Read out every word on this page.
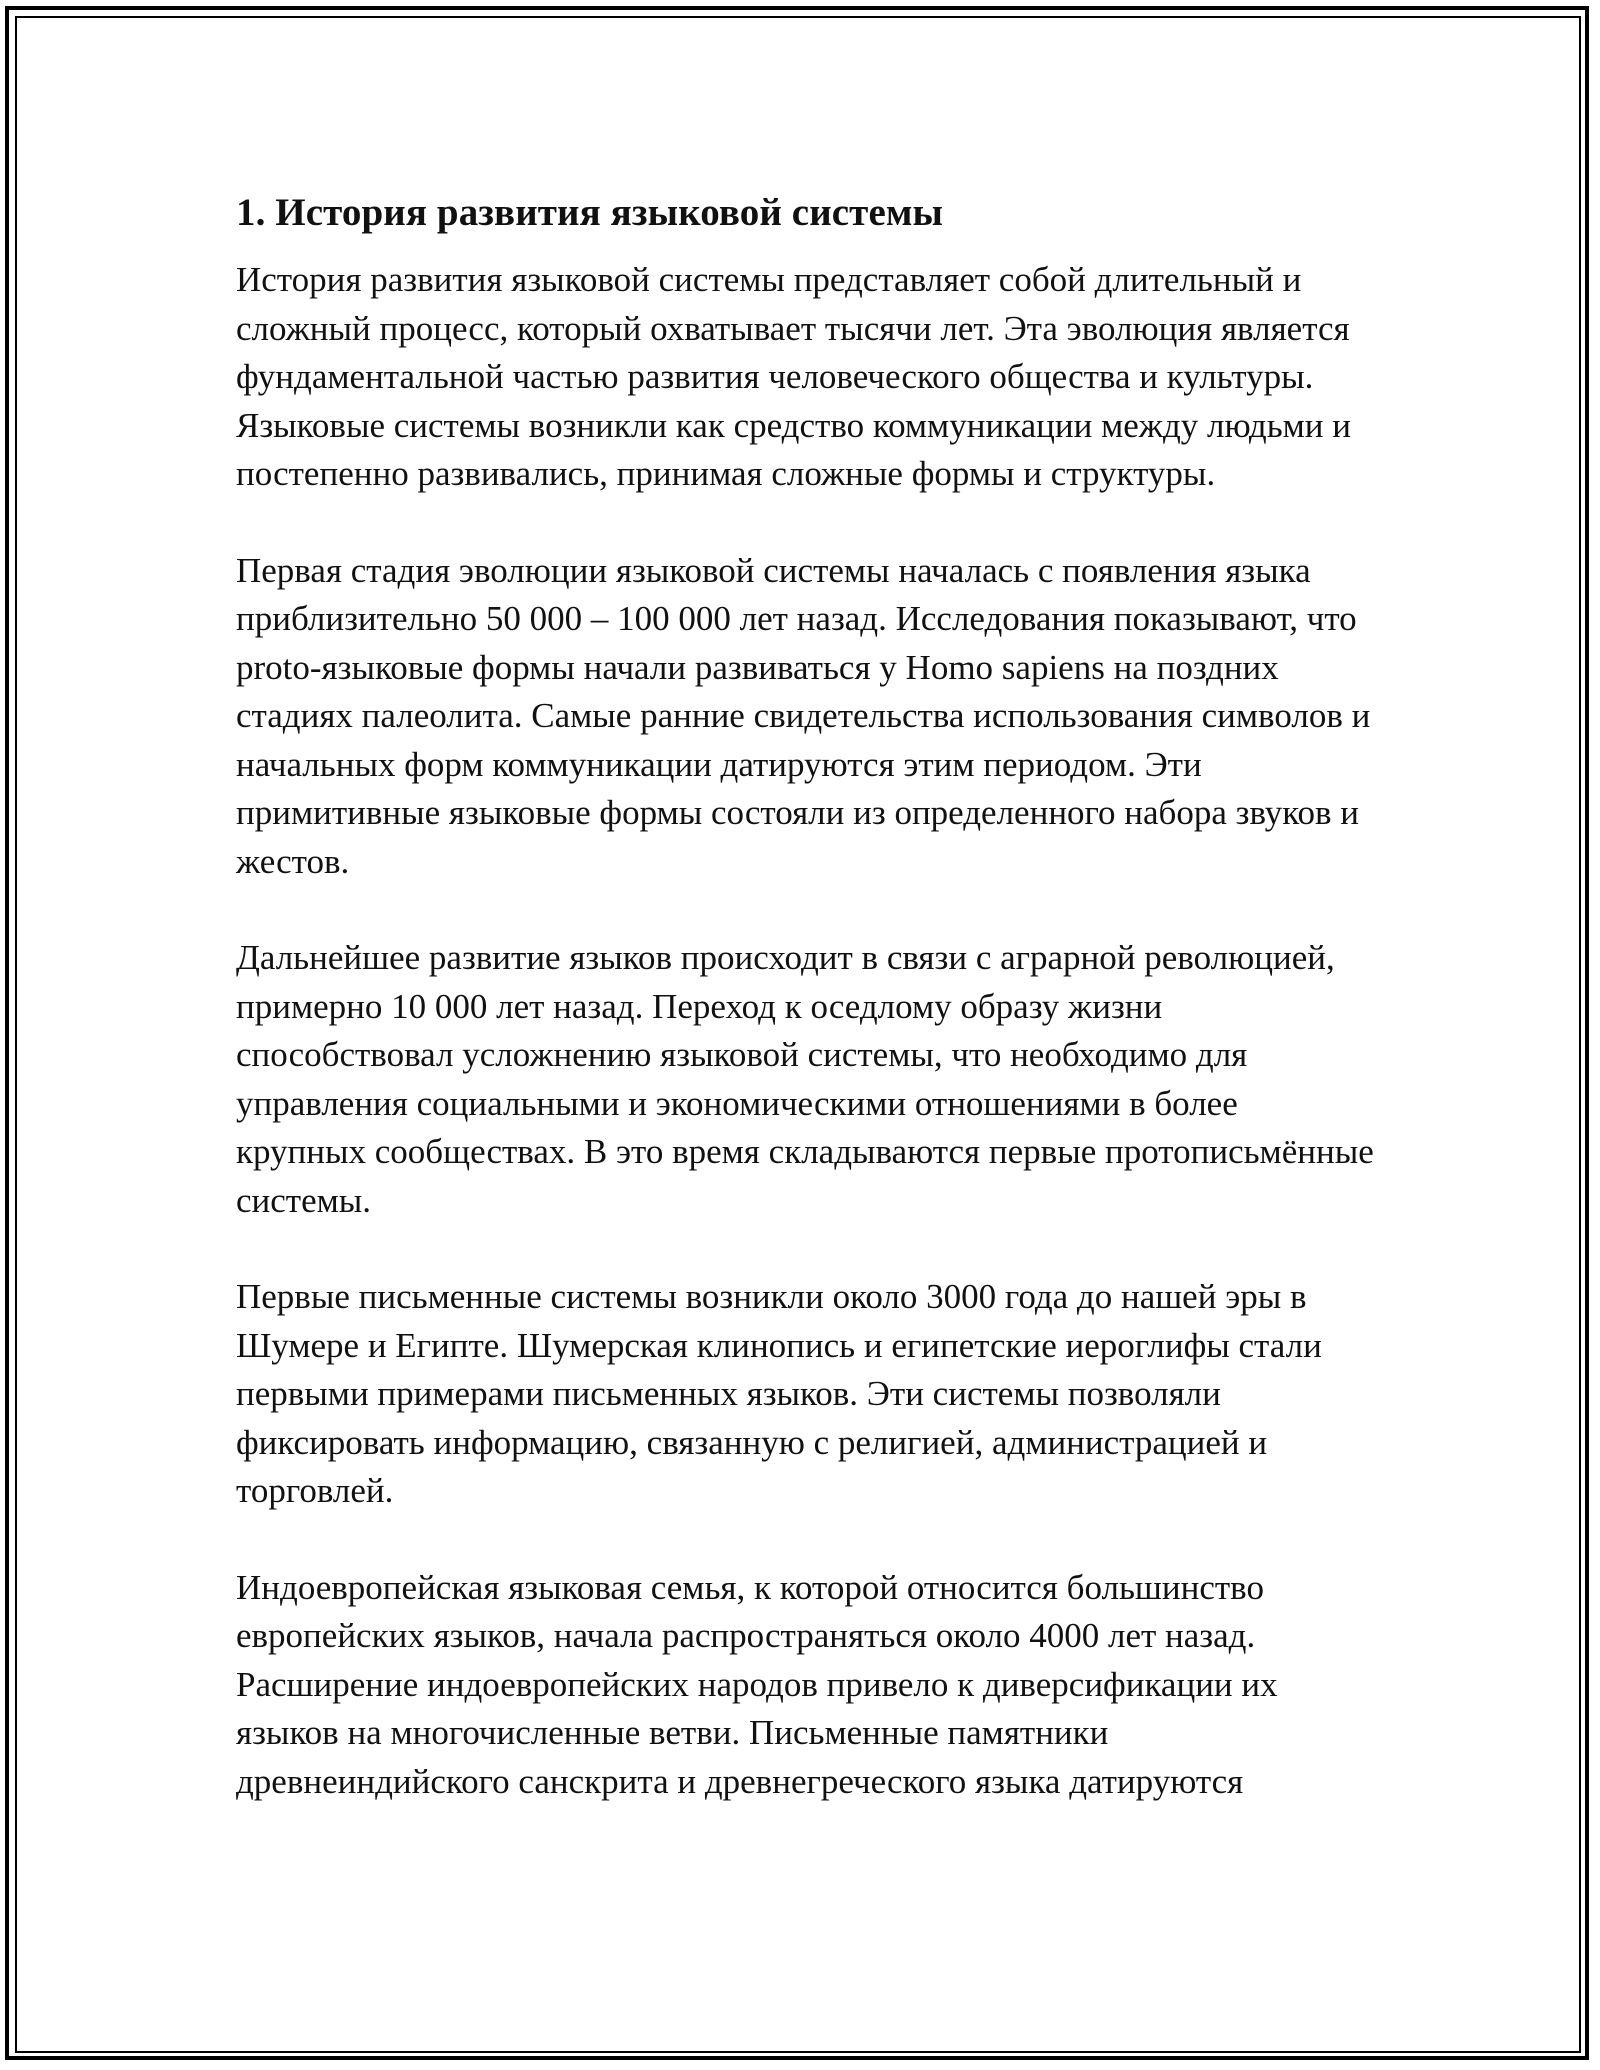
1. История развития языковой системы

История развития языковой системы представляет собой длительный и сложный процесс, который охватывает тысячи лет. Эта эволюция является фундаментальной частью развития человеческого общества и культуры. Языковые системы возникли как средство коммуникации между людьми и постепенно развивались, принимая сложные формы и структуры.

Первая стадия эволюции языковой системы началась с появления языка приблизительно 50 000 – 100 000 лет назад. Исследования показывают, что proto-языковые формы начали развиваться у Homo sapiens на поздних стадиях палеолита. Самые ранние свидетельства использования символов и начальных форм коммуникации датируются этим периодом. Эти примитивные языковые формы состояли из определенного набора звуков и жестов.

Дальнейшее развитие языков происходит в связи с аграрной революцией, примерно 10 000 лет назад. Переход к оседлому образу жизни способствовал усложнению языковой системы, что необходимо для управления социальными и экономическими отношениями в более крупных сообществах. В это время складываются первые протописьмённые системы.

Первые письменные системы возникли около 3000 года до нашей эры в Шумере и Египте. Шумерская клинопись и египетские иероглифы стали первыми примерами письменных языков. Эти системы позволяли фиксировать информацию, связанную с религией, администрацией и торговлей.

Индоевропейская языковая семья, к которой относится большинство европейских языков, начала распространяться около 4000 лет назад. Расширение индоевропейских народов привело к диверсификации их языков на многочисленные ветви. Письменные памятники древнеиндийского санскрита и древнегреческого языка датируются
